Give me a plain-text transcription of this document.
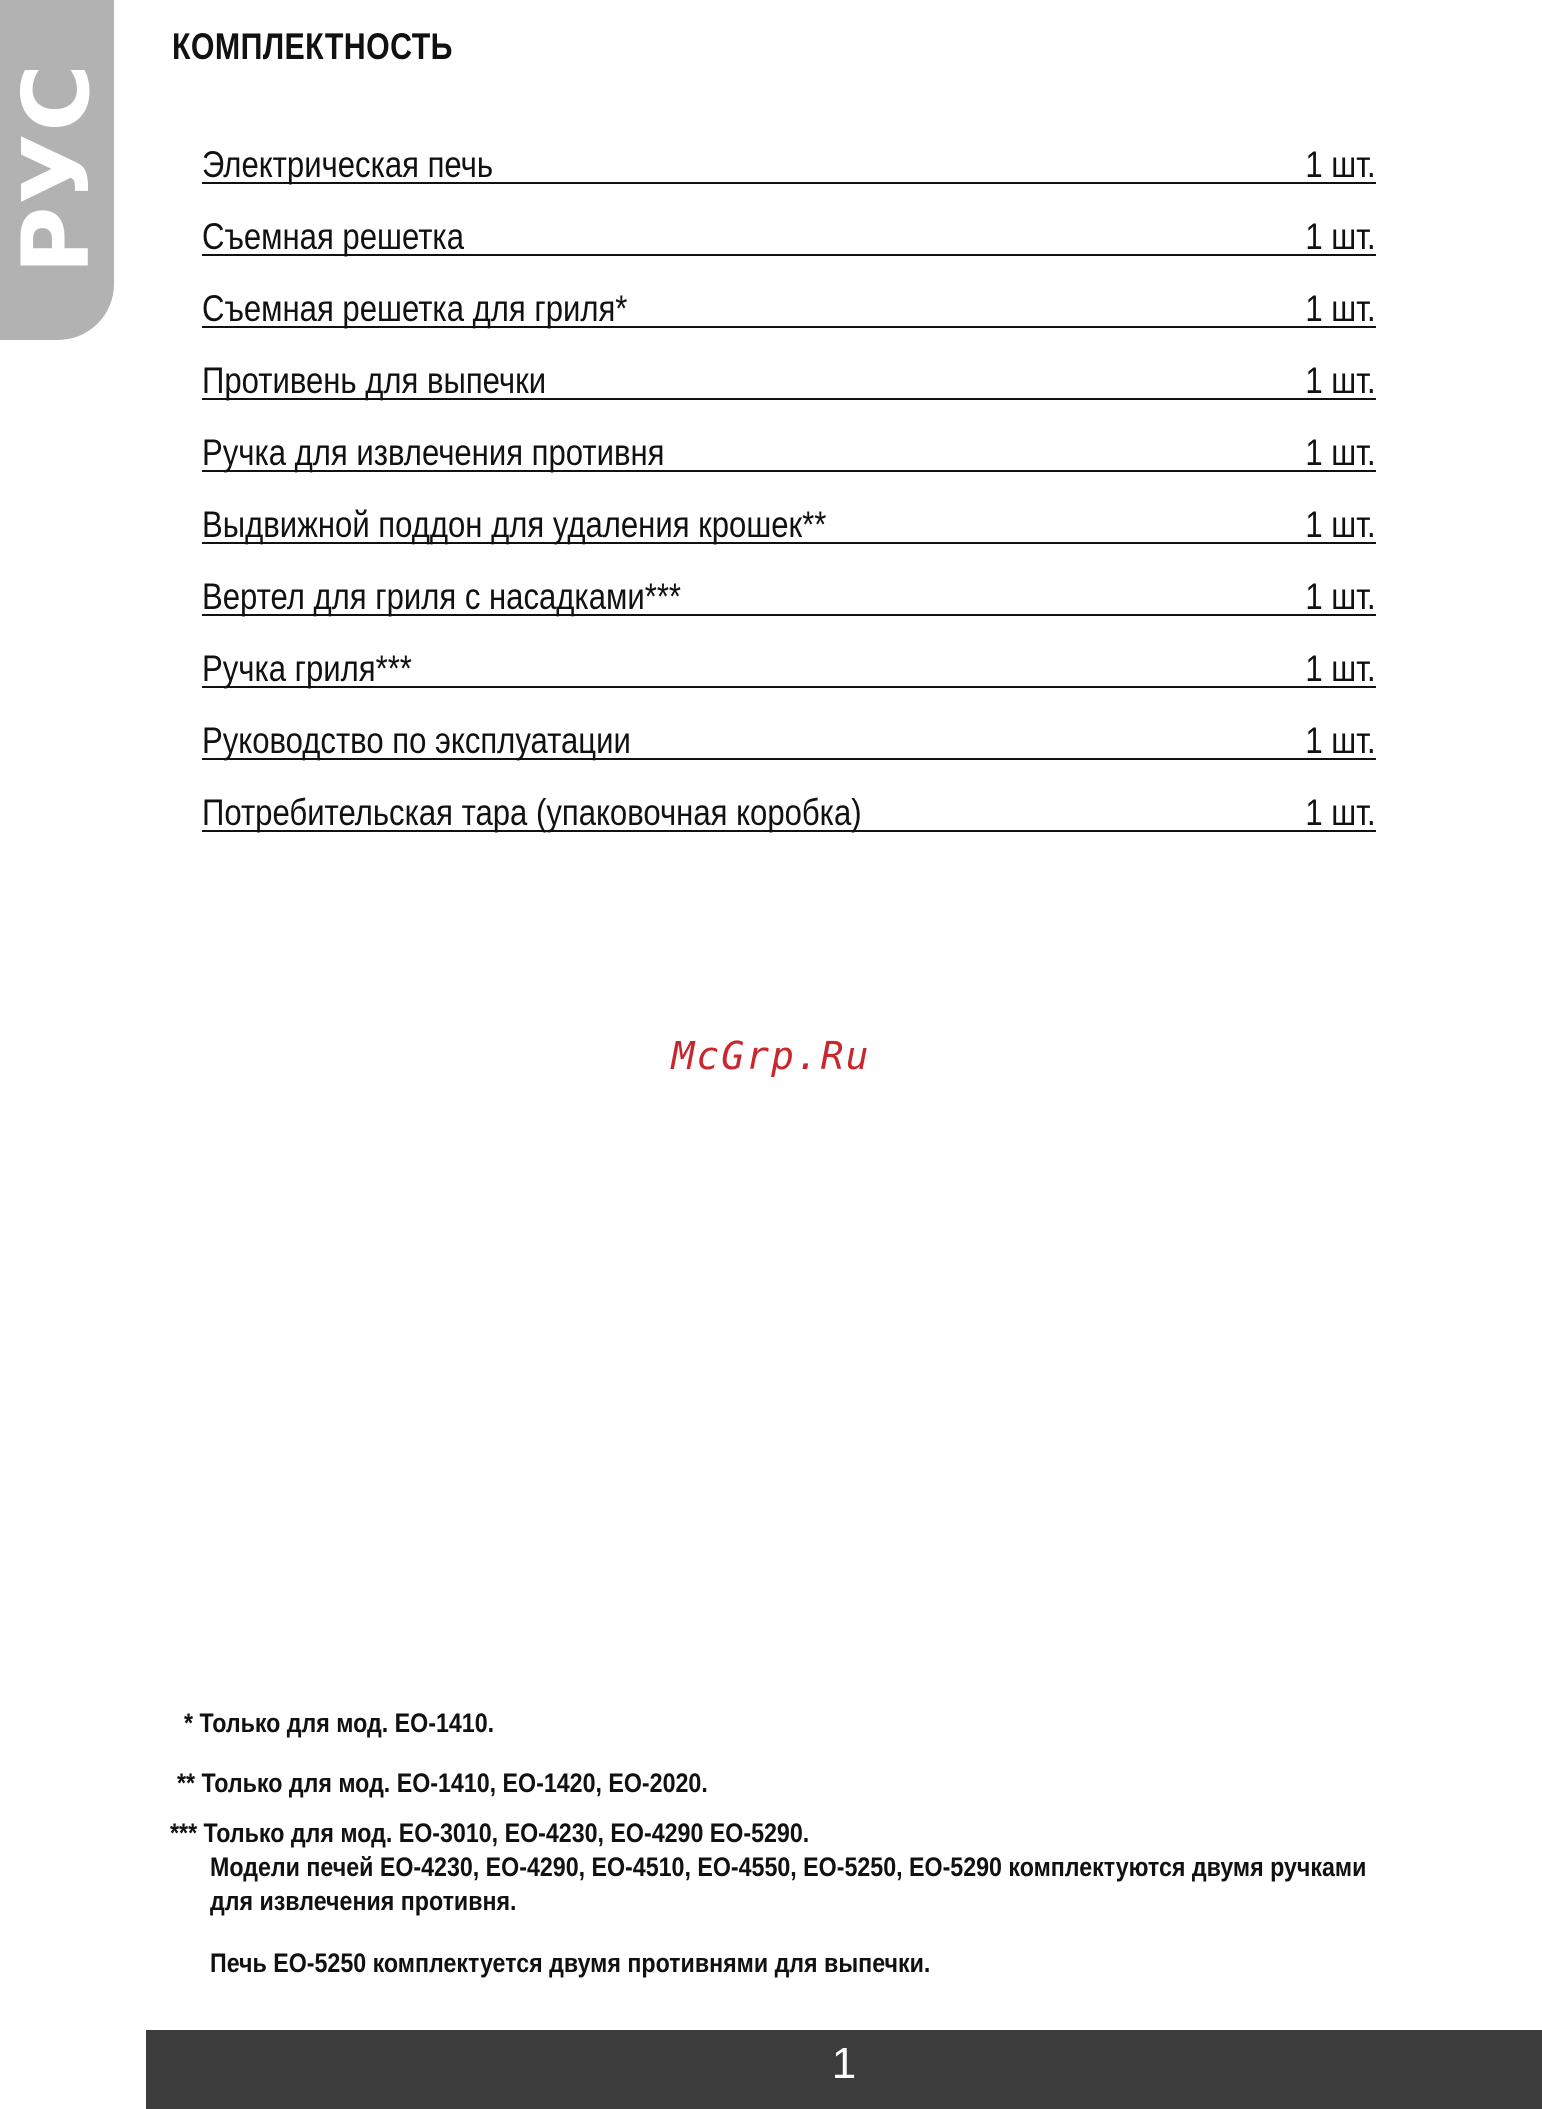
РУС
КОМПЛЕКТНОСТЬ
Электрическая печь	1 шт.
Съемная решетка	1 шт.
Съемная решетка для гриля*	1 шт.
Противень для выпечки	1 шт.
Ручка для извлечения противня	1 шт.
Выдвижной поддон для удаления крошек**	1 шт.
Вертел для гриля с насадками***	1 шт.
Ручка гриля***	1 шт.
Руководство по эксплуатации	1 шт.
Потребительская тара (упаковочная коробка)	1 шт.
McGrp.Ru
* Только для мод. ЕО-1410.
** Только для мод. ЕО-1410, ЕО-1420, ЕО-2020.
*** Только для мод. ЕО-3010, ЕО-4230, ЕО-4290 ЕО-5290.
Модели печей ЕО-4230, ЕО-4290, ЕО-4510, ЕО-4550, ЕО-5250, ЕО-5290 комплектуются двумя ручками
для извлечения противня.
Печь ЕО-5250 комплектуется двумя противнями для выпечки.
1
